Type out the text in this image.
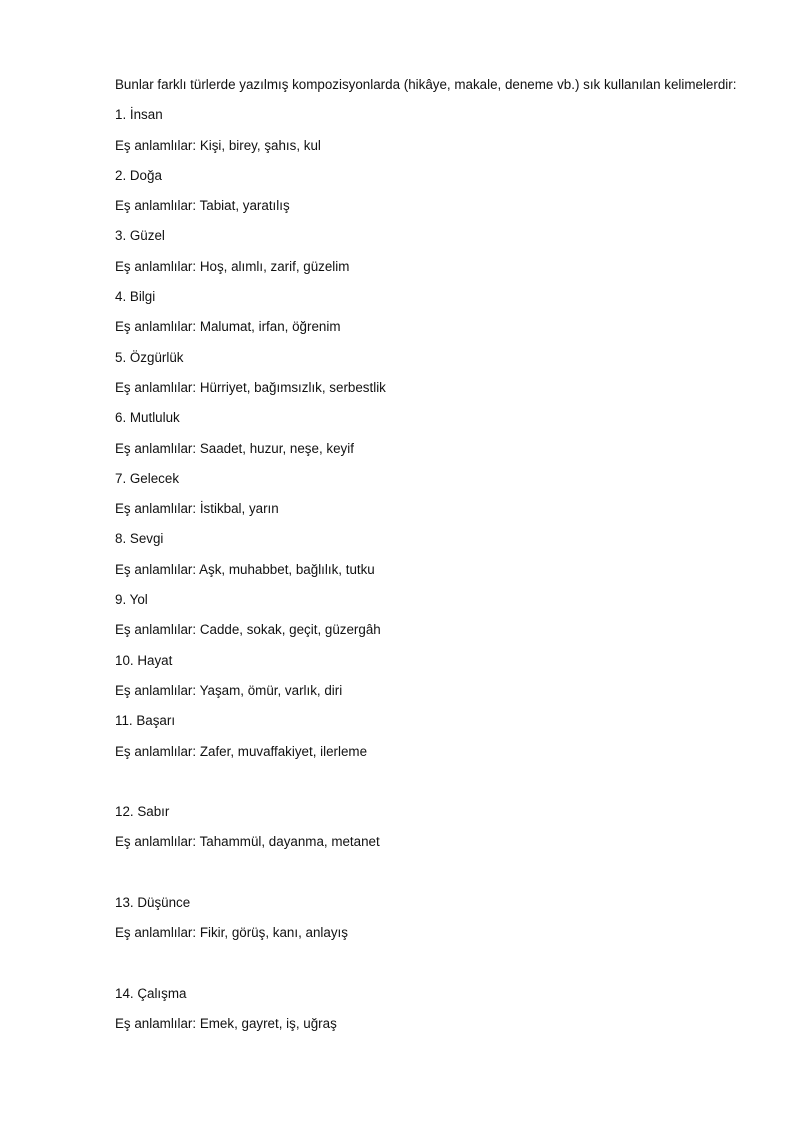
Bunlar farklı türlerde yazılmış kompozisyonlarda (hikâye, makale, deneme vb.) sık kullanılan kelimelerdir:
1. İnsan
Eş anlamlılar: Kişi, birey, şahıs, kul
2. Doğa
Eş anlamlılar: Tabiat, yaratılış
3. Güzel
Eş anlamlılar: Hoş, alımlı, zarif, güzelim
4. Bilgi
Eş anlamlılar: Malumat, irfan, öğrenim
5. Özgürlük
Eş anlamlılar: Hürriyet, bağımsızlık, serbestlik
6. Mutluluk
Eş anlamlılar: Saadet, huzur, neşe, keyif
7. Gelecek
Eş anlamlılar: İstikbal, yarın
8. Sevgi
Eş anlamlılar: Aşk, muhabbet, bağlılık, tutku
9. Yol
Eş anlamlılar: Cadde, sokak, geçit, güzergâh
10. Hayat
Eş anlamlılar: Yaşam, ömür, varlık, diri
11. Başarı
Eş anlamlılar: Zafer, muvaffakiyet, ilerleme
12. Sabır
Eş anlamlılar: Tahammül, dayanma, metanet
13. Düşünce
Eş anlamlılar: Fikir, görüş, kanı, anlayış
14. Çalışma
Eş anlamlılar: Emek, gayret, iş, uğraş
